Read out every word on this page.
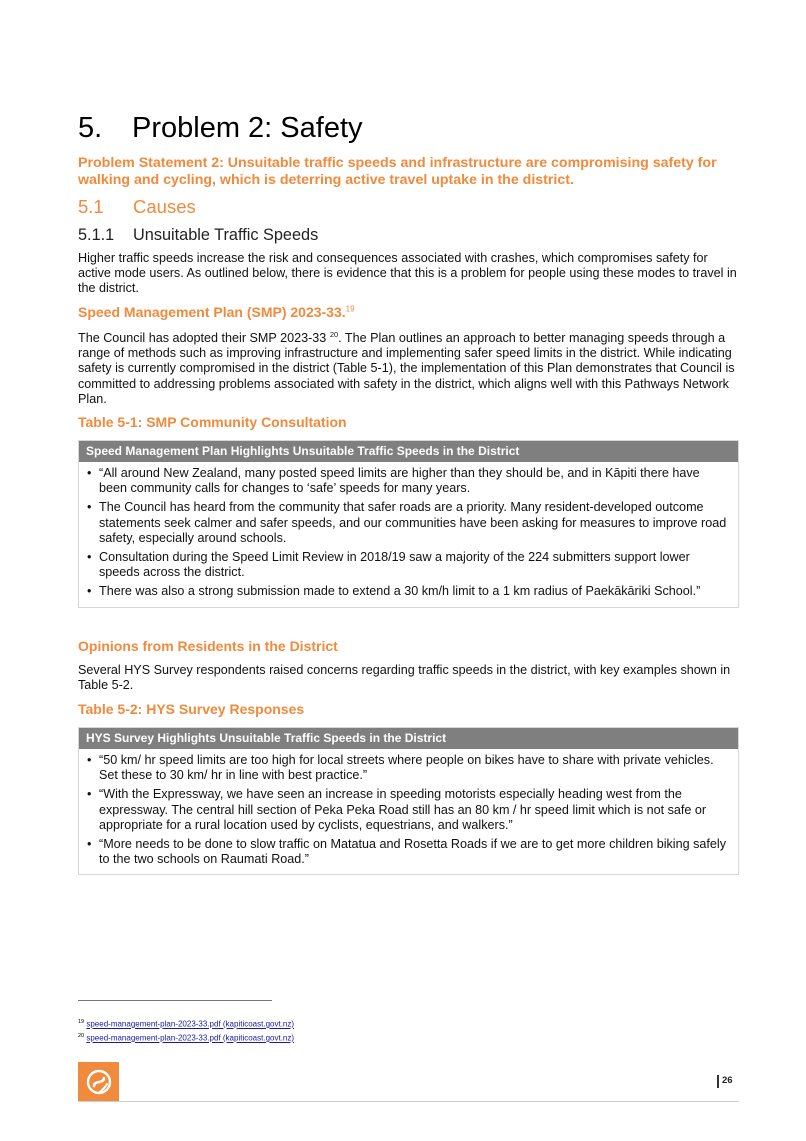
5. Problem 2: Safety
Problem Statement 2: Unsuitable traffic speeds and infrastructure are compromising safety for walking and cycling, which is deterring active travel uptake in the district.
5.1 Causes
5.1.1 Unsuitable Traffic Speeds
Higher traffic speeds increase the risk and consequences associated with crashes, which compromises safety for active mode users. As outlined below, there is evidence that this is a problem for people using these modes to travel in the district.
Speed Management Plan (SMP) 2023-33.19
The Council has adopted their SMP 2023-33 $^{20}$. The Plan outlines an approach to better managing speeds through a range of methods such as improving infrastructure and implementing safer speed limits in the district. While indicating safety is currently compromised in the district (Table 5-1), the implementation of this Plan demonstrates that Council is committed to addressing problems associated with safety in the district, which aligns well with this Pathways Network Plan.
Table 5-1: SMP Community Consultation
Speed Management Plan Highlights Unsuitable Traffic Speeds in the District
• “All around New Zealand, many posted speed limits are higher than they should be, and in Kāpiti there have been community calls for changes to ‘safe’ speeds for many years.
• The Council has heard from the community that safer roads are a priority. Many resident-developed outcome statements seek calmer and safer speeds, and our communities have been asking for measures to improve road safety, especially around schools.
• Consultation during the Speed Limit Review in 2018/19 saw a majority of the 224 submitters support lower speeds across the district.
• There was also a strong submission made to extend a 30 km/h limit to a 1 km radius of Paekākāriki School.”
Opinions from Residents in the District
Several HYS Survey respondents raised concerns regarding traffic speeds in the district, with key examples shown in Table 5-2.
Table 5-2: HYS Survey Responses
HYS Survey Highlights Unsuitable Traffic Speeds in the District
• “50 km/ hr speed limits are too high for local streets where people on bikes have to share with private vehicles. Set these to 30 km/ hr in line with best practice.”
• “With the Expressway, we have seen an increase in speeding motorists especially heading west from the expressway. The central hill section of Peka Peka Road still has an 80 km / hr speed limit which is not safe or appropriate for a rural location used by cyclists, equestrians, and walkers.”
• “More needs to be done to slow traffic on Matatua and Rosetta Roads if we are to get more children biking safely to the two schools on Raumati Road.”
$^{19}$ speed-management-plan-2023-33.pdf (kapiticoast.govt.nz)
$^{20}$ speed-management-plan-2023-33.pdf (kapiticoast.govt.nz)
26
